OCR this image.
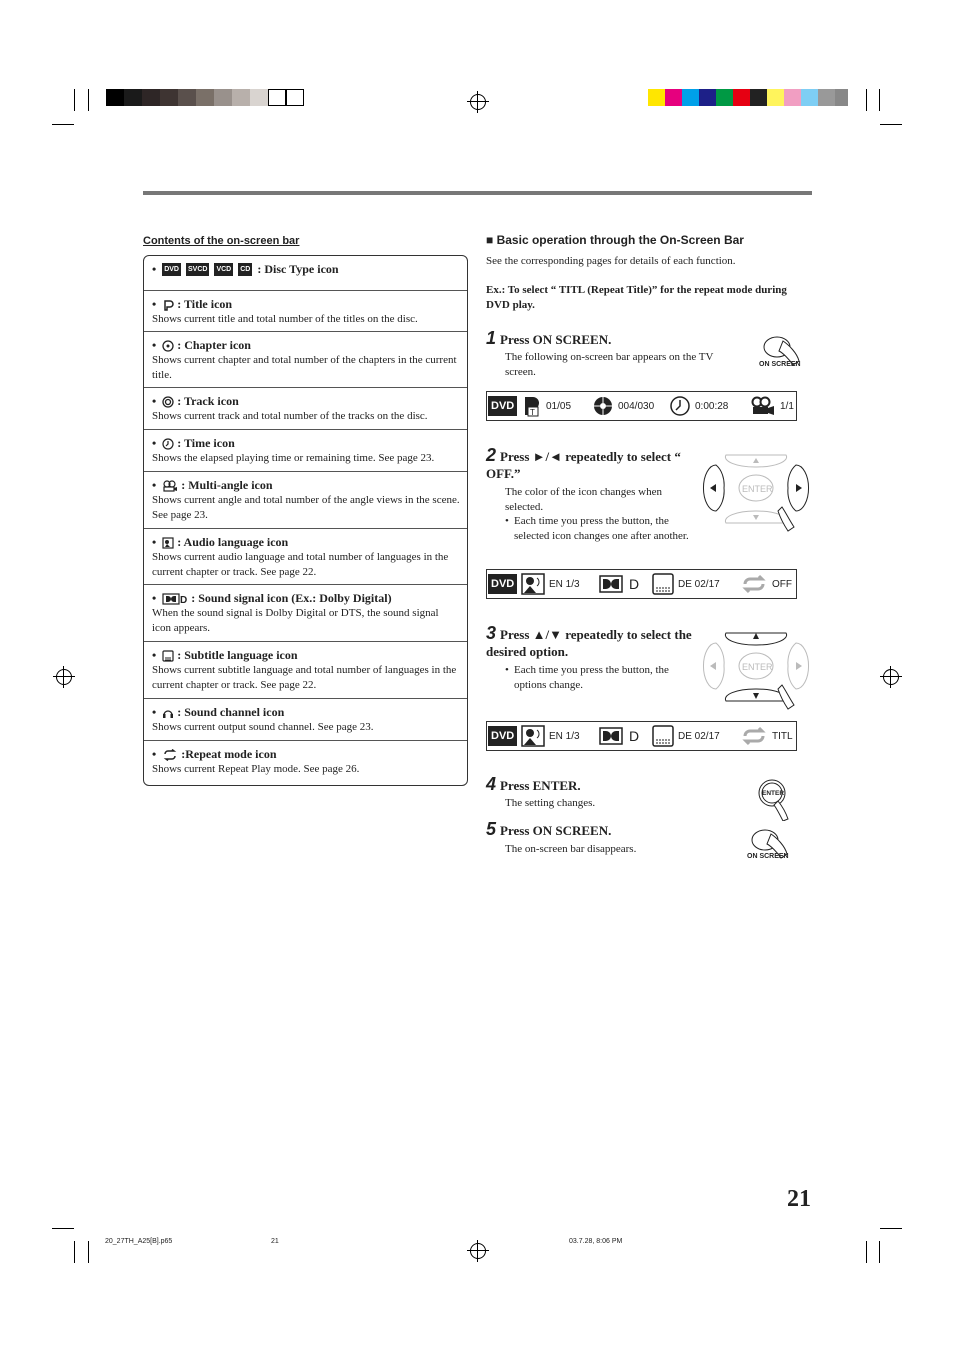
Contents of the on-screen bar
• DVD SVCD VCD CD : Disc Type icon
• : Title icon
Shows current title and total number of the titles on the disc.
• : Chapter icon
Shows current chapter and total number of the chapters in the current title.
• : Track icon
Shows current track and total number of the tracks on the disc.
• : Time icon
Shows the elapsed playing time or remaining time. See page 23.
• : Multi-angle icon
Shows current angle and total number of the angle views in the scene. See page 23.
• : Audio language icon
Shows current audio language and total number of languages in the current chapter or track. See page 22.
• D : Sound signal icon (Ex.: Dolby Digital)
When the sound signal is Dolby Digital or DTS, the sound signal icon appears.
• : Subtitle language icon
Shows current subtitle language and total number of languages in the current chapter or track. See page 22.
• : Sound channel icon
Shows current output sound channel. See page 23.
• :Repeat mode icon
Shows current Repeat Play mode. See page 26.
■ Basic operation through the On-Screen Bar
See the corresponding pages for details of each function.
Ex.: To select “ TITL (Repeat Title)” for the repeat mode during DVD play.
1 Press ON SCREEN.
The following on-screen bar appears on the TV screen.
ON SCREEN
DVD
T
01/05	004/030	0:00:28	1/1
2 Press ►/◄ repeatedly to select “ OFF.”
The color of the icon changes when selected.
• Each time you press the button, the selected icon changes one after another.
ENTER
DVD	EN 1/3	D	DE 02/17	OFF
3 Press ▲/▼ repeatedly to select the desired option.
• Each time you press the button, the options change.
ENTER
DVD	EN 1/3	D	DE 02/17	TITL
4 Press ENTER.
The setting changes.
ENTER
5 Press ON SCREEN.
The on-screen bar disappears.
ON SCREEN
21
20_27TH_A25[B].p65	21	03.7.28, 8:06 PM
